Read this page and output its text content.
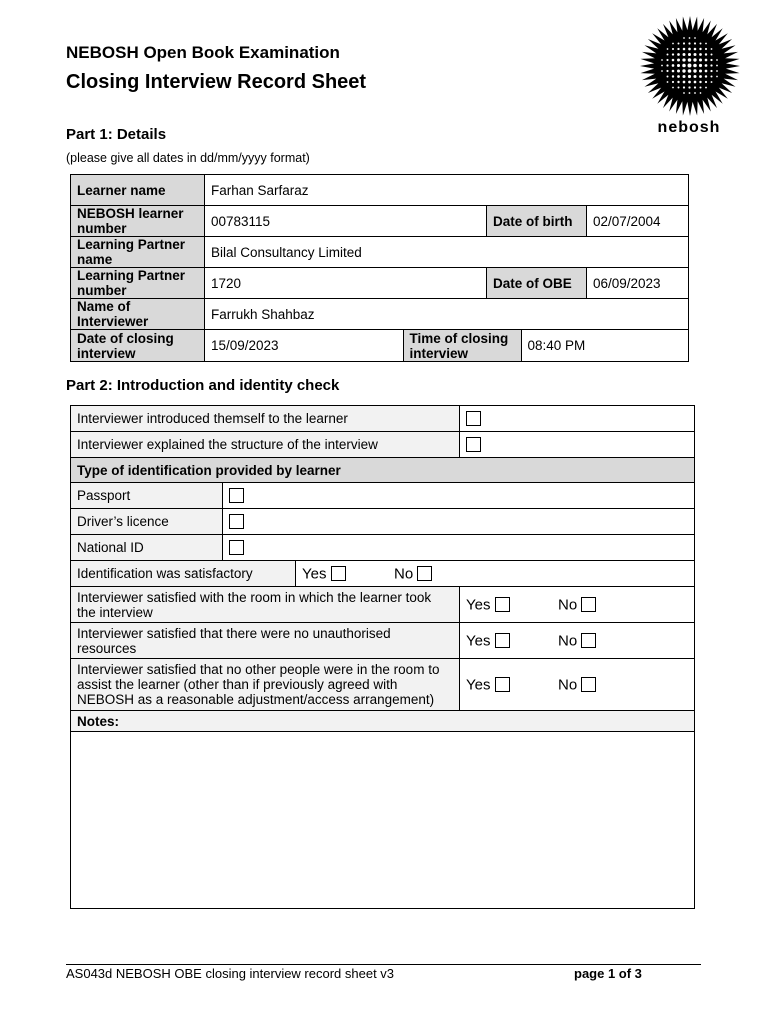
NEBOSH Open Book Examination
Closing Interview Record Sheet
nebosh
Part 1: Details
(please give all dates in dd/mm/yyyy format)
Learner name	Farhan Sarfaraz
NEBOSH learner number	00783115	Date of birth	02/07/2004
Learning Partner name	Bilal Consultancy Limited
Learning Partner number	1720	Date of OBE	06/09/2023
Name of Interviewer	Farrukh Shahbaz
Date of closing interview		15/09/2023	Time of closing interview	08:40 PM
Part 2: Introduction and identity check
Interviewer introduced themself to the learner			
Interviewer explained the structure of the interview			
Type of identification provided by learner			
Passport			
Driver’s licence			
National ID			
Identification was satisfactory		Yes No	
Interviewer satisfied with the room in which the learner took the interview			Yes No
Interviewer satisfied that there were no unauthorised resources			Yes No
Interviewer satisfied that no other people were in the room to assist the learner (other than if previously agreed with NEBOSH as a reasonable adjustment/access arrangement)			Yes No
Notes:			

AS043d NEBOSH OBE closing interview record sheet v3	page 1 of 3
